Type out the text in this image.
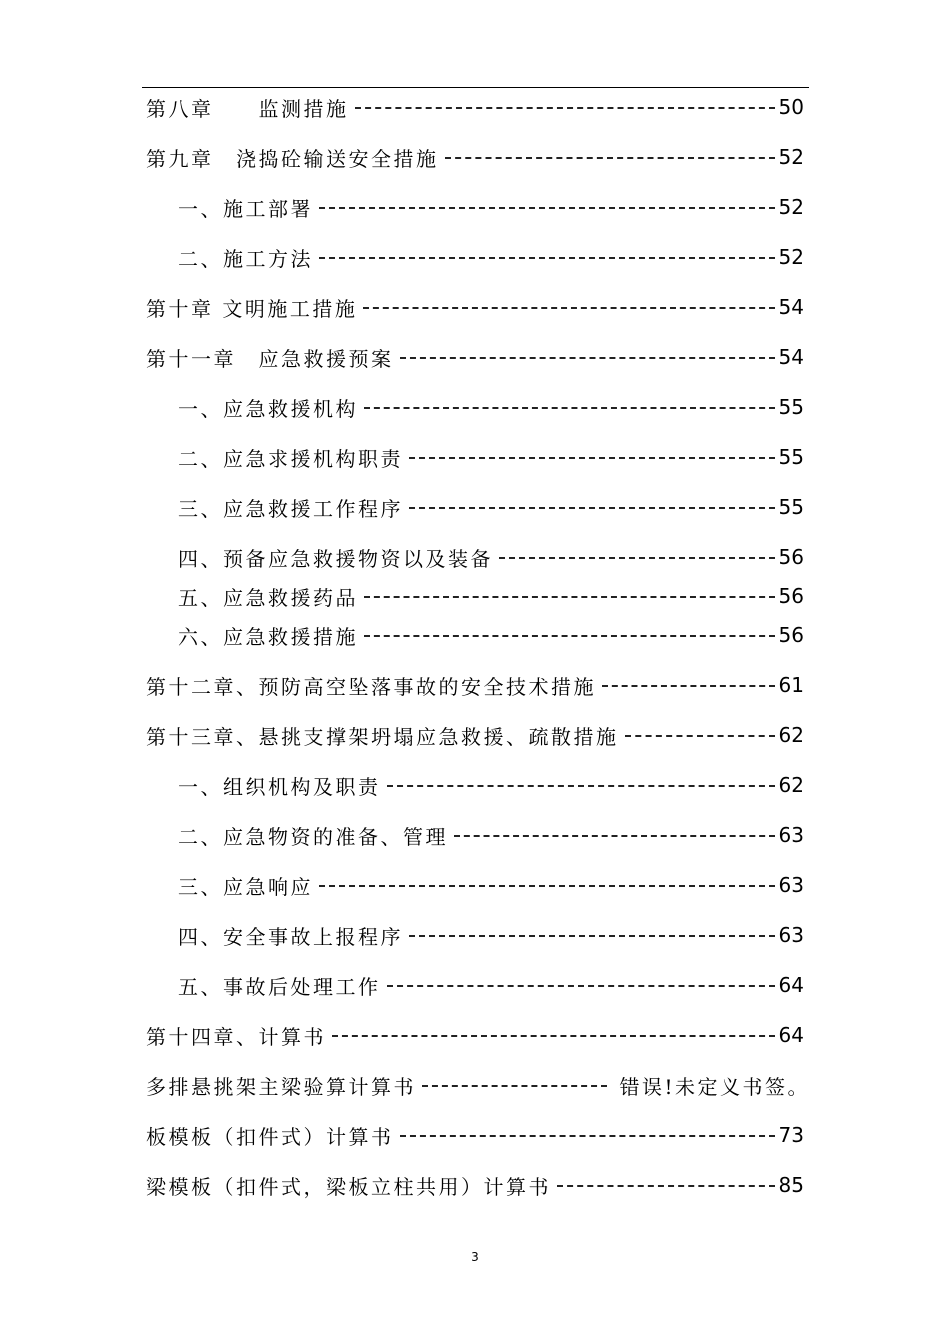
第八章　　监测措施	50
第九章　浇捣砼输送安全措施	52
一、施工部署	52
二、施工方法	52
第十章 文明施工措施	54
第十一章　应急救援预案	54
一、应急救援机构	55
二、应急求援机构职责	55
三、应急救援工作程序	55
四、预备应急救援物资以及装备	56
五、应急救援药品	56
六、应急救援措施	56
第十二章、预防高空坠落事故的安全技术措施	61
第十三章、悬挑支撑架坍塌应急救援、疏散措施	62
一、组织机构及职责	62
二、应急物资的准备、管理	63
三、应急响应	63
四、安全事故上报程序	63
五、事故后处理工作	64
第十四章、计算书	64
多排悬挑架主梁验算计算书	错误!未定义书签。
板模板（扣件式）计算书	73
梁模板（扣件式，梁板立柱共用）计算书	85
3
